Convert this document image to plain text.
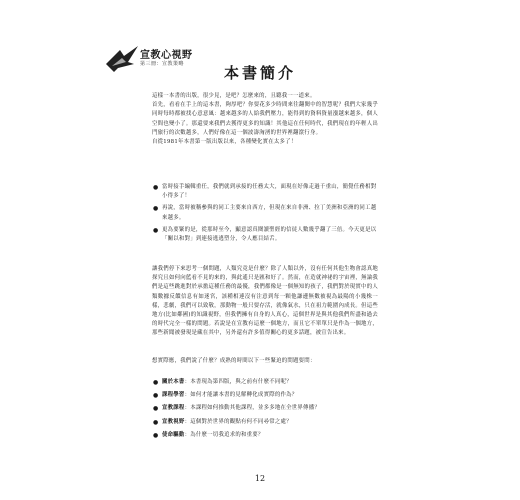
宣教心視野
第三冊：宣教策略	本書簡介

這樣一本書的出版，很少見，是吧？怎麼來的，且聽我一一道來。

首先，看看在手上的這本書，夠厚吧？你要花多少時間來往翻閱中的智慧呢？我們大家幾乎同時每時都被找心意意風：越來越多的人給我們壓力，能得到的資料資量漲越來越多，個人空間也變小了。那還要來我們去獲得更多的知識！其他這在任何時代，我們現在的年輕人出門旅行的次數越多，人們好像在這一個波濤洶湧的世界裡翻滾行身。

自從1981年本書第一版出版以來，各種變化實在太多了！

● 當時接手編輯重任，我們就到承接的任務太大，面現在好像走過千重山，簡覺任務相對小得多了！
● 再說，當時被稱參與的同工主要來自西方，但現在來自非洲、拉丁美洲和亞洲的同工越來越多。
● 更為要緊的是，從那時至今，顯意認真閱讀聖經的信徒人數幾乎翻了三倍。今天更是以「關以和對」到連接逃逃塑分，令人應目結舌。

讓我們停下來思考一個問題，人類究竟是什麼？除了人類以外，沒有任何其他生物會認真地探究且如何向藍看不見的來的，與此遙只是匯和好了。然而，在造就神祕的宇宙裡，無論我們是這些跳進對於承擔這種任務的最優，我們都像是一個無知的孩子，我們對於現實中的人類數據反饋信息有如迷宮，該種相連沒有注意到每一顆他謙遜無數被視為最陽的小幾株一樣，悲劇，我們可以致敬，那動物一般只要存活，就像氣水，只在祖力範圍內成長。但這些地方(比如鄰國)的知識視野，但我們擁有自身的人真心，這個世界是與其他我們所盡和過去的時代完全一樣的問題。若說是在宣教有這麼一個地方，而且它不單單只是作為一個地方，那些新聞被發現是藏在其中，另外還有許多值得關心的更多話題，被宣告出來。

想實際應，我們說了什麼？成熟的時間以下一些緊迫的問題要問：

● 關於本書：本書現為第四版，與之前有什麼不同呢？
● 課程學習：如何才能讓本書的見解轉化成實際的作為？
● 宣教課程：本課程如何推動其他課程，並多多地在全世界傳播？
● 宣教視野：這個對於世界的觀點有何不同尋常之處？
● 使命驅動：為什麼一切我追求的和重要？
12
